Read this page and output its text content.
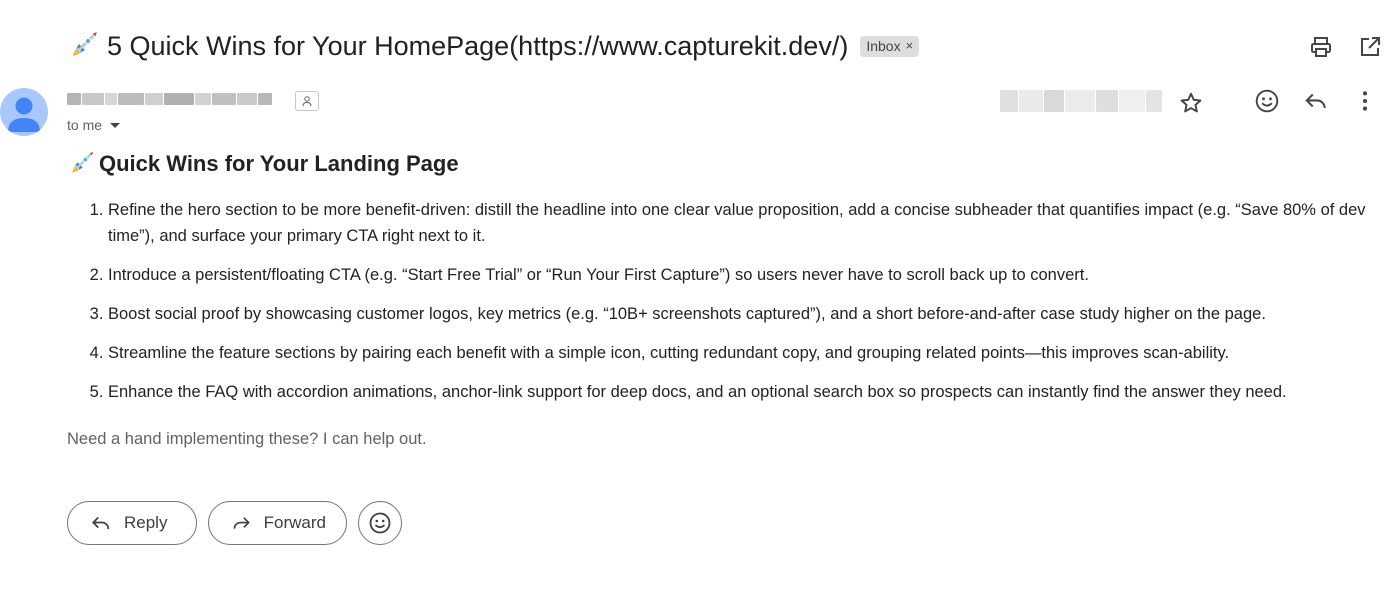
5 Quick Wins for Your HomePage(https://www.capturekit.dev/) Inbox ×
to me
Quick Wins for Your Landing Page
1. Refine the hero section to be more benefit-driven: distill the headline into one clear value proposition, add a concise subheader that quantifies impact (e.g. “Save 80% of dev time”), and surface your primary CTA right next to it.
2. Introduce a persistent/floating CTA (e.g. “Start Free Trial” or “Run Your First Capture”) so users never have to scroll back up to convert.
3. Boost social proof by showcasing customer logos, key metrics (e.g. “10B+ screenshots captured”), and a short before-and-after case study higher on the page.
4. Streamline the feature sections by pairing each benefit with a simple icon, cutting redundant copy, and grouping related points—this improves scan-ability.
5. Enhance the FAQ with accordion animations, anchor-link support for deep docs, and an optional search box so prospects can instantly find the answer they need.
Need a hand implementing these? I can help out.
Reply	Forward
